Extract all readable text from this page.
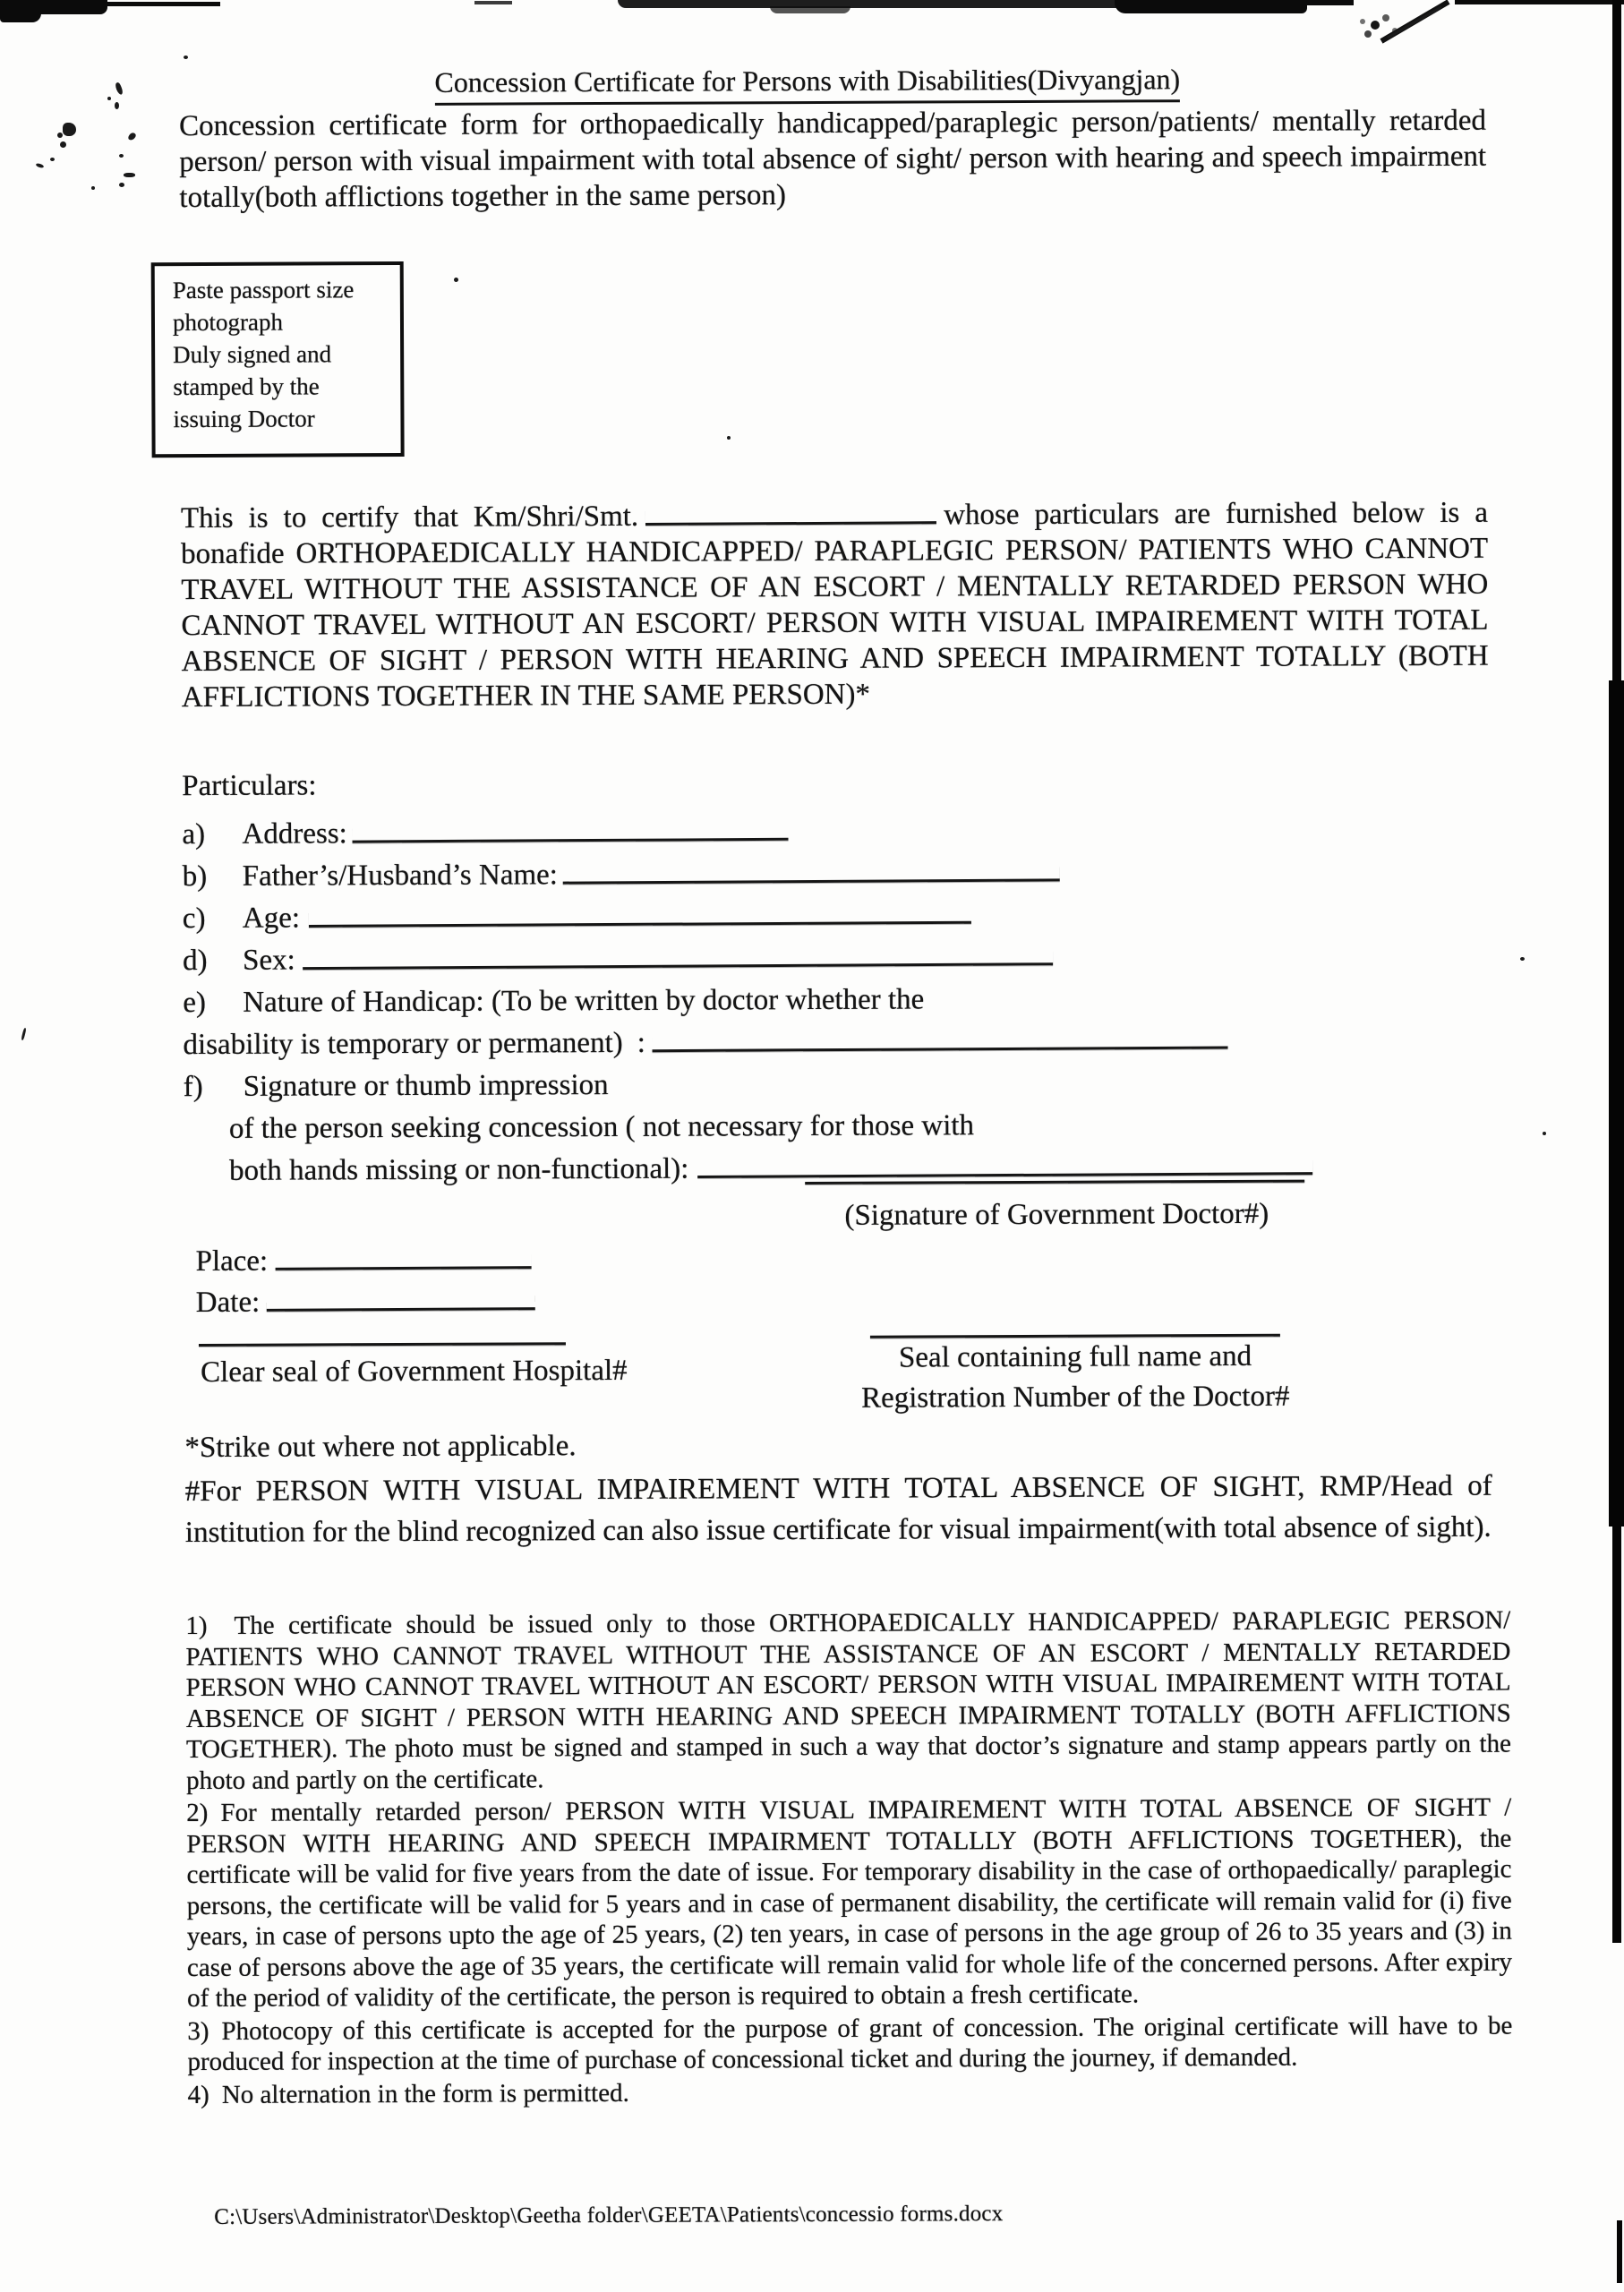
Concession Certificate for Persons with Disabilities(Divyangjan)

Concession certificate form for orthopaedically handicapped/paraplegic person/patients/ mentally retarded person/ person with visual impairment with total absence of sight/ person with hearing and speech impairment totally(both afflictions together in the same person)

Paste passport size
photograph
Duly signed and
stamped by the
issuing Doctor

This is to certify that Km/Shri/Smt.	whose particulars are furnished below is a bonafide ORTHOPAEDICALLY HANDICAPPED/ PARAPLEGIC PERSON/ PATIENTS WHO CANNOT TRAVEL WITHOUT THE ASSISTANCE OF AN ESCORT / MENTALLY RETARDED PERSON WHO CANNOT TRAVEL WITHOUT AN ESCORT/ PERSON WITH VISUAL IMPAIREMENT WITH TOTAL ABSENCE OF SIGHT / PERSON WITH HEARING AND SPEECH IMPAIRMENT TOTALLY (BOTH AFFLICTIONS TOGETHER IN THE SAME PERSON)*

Particulars:
a) Address:
b) Father’s/Husband’s Name:
c) Age:
d) Sex:
e) Nature of Handicap: (To be written by doctor whether the
disability is temporary or permanent) :
f) Signature or thumb impression
of the person seeking concession ( not necessary for those with
both hands missing or non-functional):
(Signature of Government Doctor#)
Place:
Date:
Clear seal of Government Hospital#	Seal containing full name and
Registration Number of the Doctor#
*Strike out where not applicable.

#For PERSON WITH VISUAL IMPAIREMENT WITH TOTAL ABSENCE OF SIGHT, RMP/Head of institution for the blind recognized can also issue certificate for visual impairment(with total absence of sight).

1) The certificate should be issued only to those ORTHOPAEDICALLY HANDICAPPED/ PARAPLEGIC PERSON/ PATIENTS WHO CANNOT TRAVEL WITHOUT THE ASSISTANCE OF AN ESCORT / MENTALLY RETARDED PERSON WHO CANNOT TRAVEL WITHOUT AN ESCORT/ PERSON WITH VISUAL IMPAIREMENT WITH TOTAL ABSENCE OF SIGHT / PERSON WITH HEARING AND SPEECH IMPAIRMENT TOTALLY (BOTH AFFLICTIONS TOGETHER). The photo must be signed and stamped in such a way that doctor’s signature and stamp appears partly on the photo and partly on the certificate.

2) For mentally retarded person/ PERSON WITH VISUAL IMPAIREMENT WITH TOTAL ABSENCE OF SIGHT / PERSON WITH HEARING AND SPEECH IMPAIRMENT TOTALLLY (BOTH AFFLICTIONS TOGETHER), the certificate will be valid for five years from the date of issue. For temporary disability in the case of orthopaedically/ paraplegic persons, the certificate will be valid for 5 years and in case of permanent disability, the certificate will remain valid for (i) five years, in case of persons upto the age of 25 years, (2) ten years, in case of persons in the age group of 26 to 35 years and (3) in case of persons above the age of 35 years, the certificate will remain valid for whole life of the concerned persons. After expiry of the period of validity of the certificate, the person is required to obtain a fresh certificate.

3) Photocopy of this certificate is accepted for the purpose of grant of concession. The original certificate will have to be produced for inspection at the time of purchase of concessional ticket and during the journey, if demanded.

4) No alternation in the form is permitted.

C:\Users\Administrator\Desktop\Geetha folder\GEETA\Patients\concessio forms.docx
